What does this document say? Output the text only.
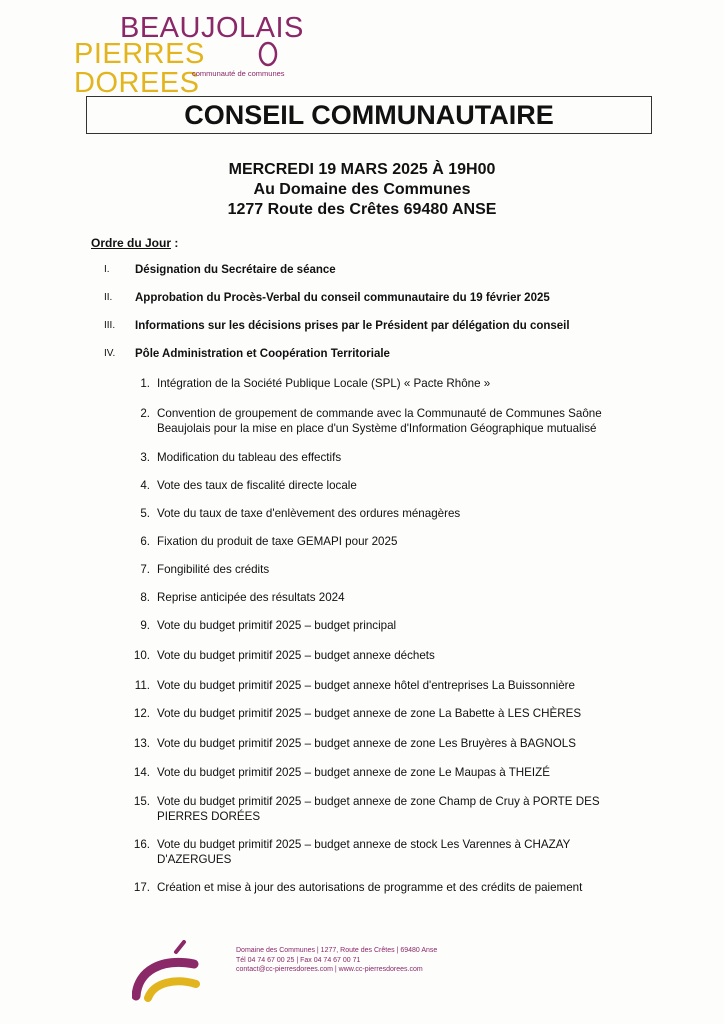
BEAUJOLAIS
PIERRES DOREES
communauté de communes
CONSEIL COMMUNAUTAIRE
MERCREDI 19 MARS 2025 À 19H00
Au Domaine des Communes
1277 Route des Crêtes 69480 ANSE
Ordre du Jour :
I. Désignation du Secrétaire de séance
II. Approbation du Procès-Verbal du conseil communautaire du 19 février 2025
III. Informations sur les décisions prises par le Président par délégation du conseil
IV. Pôle Administration et Coopération Territoriale
1. Intégration de la Société Publique Locale (SPL) « Pacte Rhône »
2. Convention de groupement de commande avec la Communauté de Communes Saône Beaujolais pour la mise en place d'un Système d'Information Géographique mutualisé
3. Modification du tableau des effectifs
4. Vote des taux de fiscalité directe locale
5. Vote du taux de taxe d'enlèvement des ordures ménagères
6. Fixation du produit de taxe GEMAPI pour 2025
7. Fongibilité des crédits
8. Reprise anticipée des résultats 2024
9. Vote du budget primitif 2025 – budget principal
10. Vote du budget primitif 2025 – budget annexe déchets
11. Vote du budget primitif 2025 – budget annexe hôtel d'entreprises La Buissonnière
12. Vote du budget primitif 2025 – budget annexe de zone La Babette à LES CHÈRES
13. Vote du budget primitif 2025 – budget annexe de zone Les Bruyères à BAGNOLS
14. Vote du budget primitif 2025 – budget annexe de zone Le Maupas à THEIZÉ
15. Vote du budget primitif 2025 – budget annexe de zone Champ de Cruy à PORTE DES PIERRES DORÉES
16. Vote du budget primitif 2025 – budget annexe de stock Les Varennes à CHAZAY D'AZERGUES
17. Création et mise à jour des autorisations de programme et des crédits de paiement
Domaine des Communes | 1277, Route des Crêtes | 69480 Anse
Tél 04 74 67 00 25 | Fax 04 74 67 00 71
contact@cc-pierresdorees.com | www.cc-pierresdorees.com
